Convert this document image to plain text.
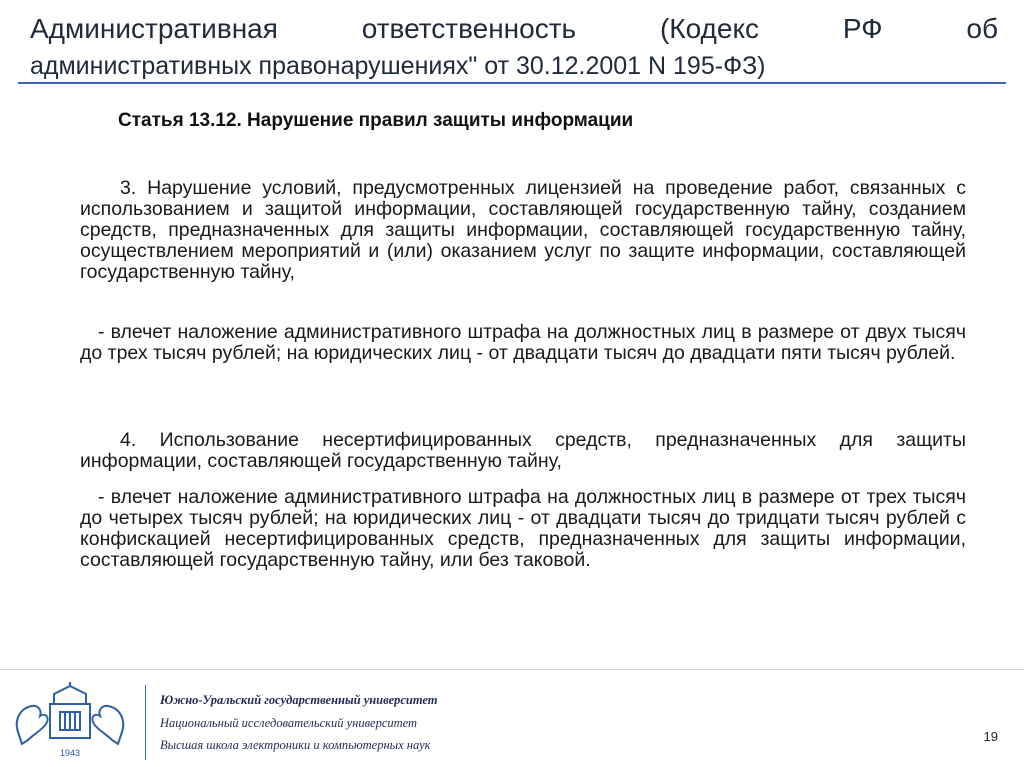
Административная ответственность (Кодекс РФ об
административных правонарушениях" от 30.12.2001 N 195-ФЗ)
Статья 13.12. Нарушение правил защиты информации
3. Нарушение условий, предусмотренных лицензией на проведение работ, связанных с использованием и защитой информации, составляющей государственную тайну, созданием средств, предназначенных для защиты информации, составляющей государственную тайну, осуществлением мероприятий и (или) оказанием услуг по защите информации, составляющей государственную тайну,
- влечет наложение административного штрафа на должностных лиц в размере от двух тысяч до трех тысяч рублей; на юридических лиц - от двадцати тысяч до двадцати пяти тысяч рублей.
4. Использование несертифицированных средств, предназначенных для защиты информации, составляющей государственную тайну,
- влечет наложение административного штрафа на должностных лиц в размере от трех тысяч до четырех тысяч рублей; на юридических лиц - от двадцати тысяч до тридцати тысяч рублей с конфискацией несертифицированных средств, предназначенных для защиты информации, составляющей государственную тайну, или без таковой.
1943
Южно-Уральский государственный университет
Национальный исследовательский университет
Высшая школа электроники и компьютерных наук
19
